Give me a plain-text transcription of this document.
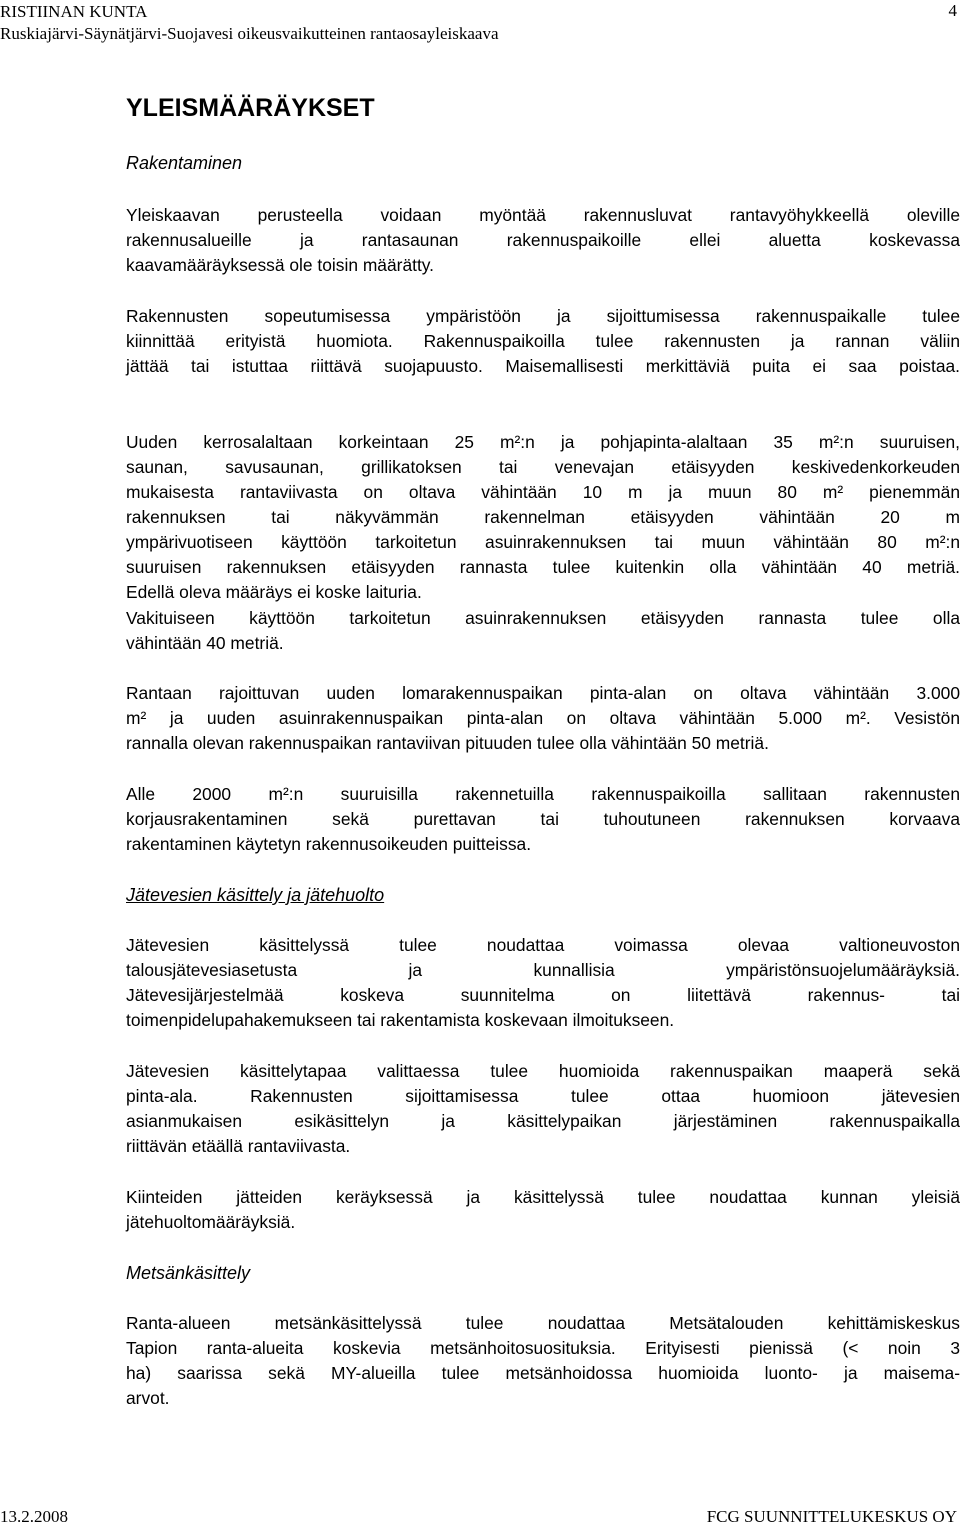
RISTIINAN KUNTA
Ruskiajärvi-Säynätjärvi-Suojavesi oikeusvaikutteinen rantaosayleiskaava
4
YLEISMÄÄRÄYKSET
Rakentaminen
Yleiskaavan perusteella voidaan myöntää rakennusluvat rantavyöhykkeellä oleville
rakennusalueille ja rantasaunan rakennuspaikoille ellei aluetta koskevassa
kaavamääräyksessä ole toisin määrätty.
Rakennusten sopeutumisessa ympäristöön ja sijoittumisessa rakennuspaikalle tulee
kiinnittää erityistä huomiota. Rakennuspaikoilla tulee rakennusten ja rannan väliin
jättää tai istuttaa riittävä suojapuusto. Maisemallisesti merkittäviä puita ei saa poistaa.
Uuden kerrosalaltaan korkeintaan 25 m²:n ja pohjapinta-alaltaan 35 m²:n suuruisen,
saunan, savusaunan, grillikatoksen tai venevajan etäisyyden keskivedenkorkeuden
mukaisesta rantaviivasta on oltava vähintään 10 m ja muun 80 m² pienemmän
rakennuksen tai näkyvämmän rakennelman etäisyyden vähintään 20 m
ympärivuotiseen käyttöön tarkoitetun asuinrakennuksen tai muun vähintään 80 m²:n
suuruisen rakennuksen etäisyyden rannasta tulee kuitenkin olla vähintään 40 metriä.
Edellä oleva määräys ei koske laituria.
Vakituiseen käyttöön tarkoitetun asuinrakennuksen etäisyyden rannasta tulee olla
vähintään 40 metriä.
Rantaan rajoittuvan uuden lomarakennuspaikan pinta-alan on oltava vähintään 3.000
m² ja uuden asuinrakennuspaikan pinta-alan on oltava vähintään 5.000 m². Vesistön
rannalla olevan rakennuspaikan rantaviivan pituuden tulee olla vähintään 50 metriä.
Alle 2000 m²:n suuruisilla rakennetuilla rakennuspaikoilla sallitaan rakennusten
korjausrakentaminen sekä purettavan tai tuhoutuneen rakennuksen korvaava
rakentaminen käytetyn rakennusoikeuden puitteissa.
Jätevesien käsittely ja jätehuolto
Jätevesien käsittelyssä tulee noudattaa voimassa olevaa valtioneuvoston
talousjätevesiasetusta ja kunnallisia ympäristönsuojelumääräyksiä.
Jätevesijärjestelmää koskeva suunnitelma on liitettävä rakennus- tai
toimenpidelupahakemukseen tai rakentamista koskevaan ilmoitukseen.
Jätevesien käsittelytapaa valittaessa tulee huomioida rakennuspaikan maaperä sekä
pinta-ala. Rakennusten sijoittamisessa tulee ottaa huomioon jätevesien
asianmukaisen esikäsittelyn ja käsittelypaikan järjestäminen rakennuspaikalla
riittävän etäällä rantaviivasta.
Kiinteiden jätteiden keräyksessä ja käsittelyssä tulee noudattaa kunnan yleisiä
jätehuoltomääräyksiä.
Metsänkäsittely
Ranta-alueen metsänkäsittelyssä tulee noudattaa Metsätalouden kehittämiskeskus
Tapion ranta-alueita koskevia metsänhoitosuosituksia. Erityisesti pienissä (< noin 3
ha) saarissa sekä MY-alueilla tulee metsänhoidossa huomioida luonto- ja maisema-
arvot.
13.2.2008	FCG SUUNNITTELUKESKUS OY
